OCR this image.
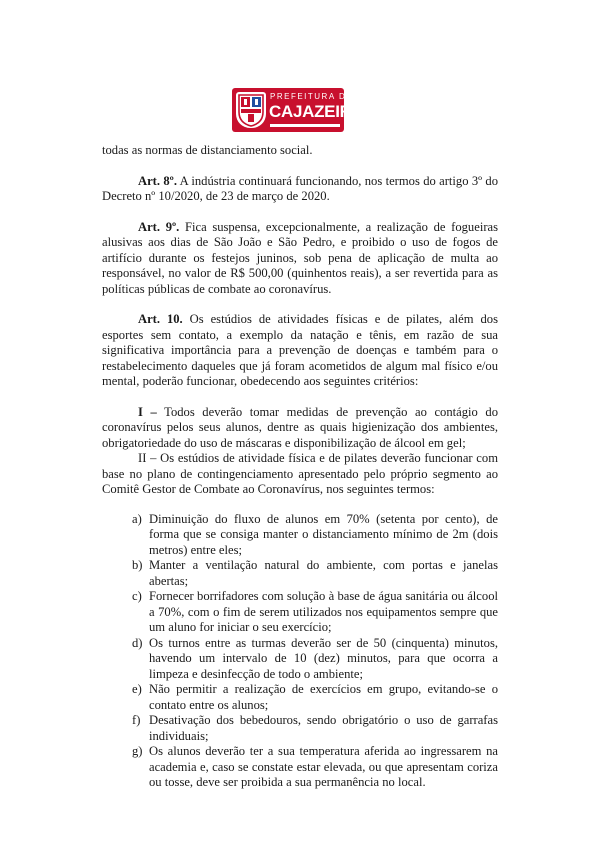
PREFEITURA DE
CAJAZEIRAS

todas as normas de distanciamento social.

Art. 8º. A indústria continuará funcionando, nos termos do artigo 3º do Decreto nº 10/2020, de 23 de março de 2020.

Art. 9º. Fica suspensa, excepcionalmente, a realização de fogueiras alusivas aos dias de São João e São Pedro, e proibido o uso de fogos de artifício durante os festejos juninos, sob pena de aplicação de multa ao responsável, no valor de R$ 500,00 (quinhentos reais), a ser revertida para as políticas públicas de combate ao coronavírus.

Art. 10. Os estúdios de atividades físicas e de pilates, além dos esportes sem contato, a exemplo da natação e tênis, em razão de sua significativa importância para a prevenção de doenças e também para o restabelecimento daqueles que já foram acometidos de algum mal físico e/ou mental, poderão funcionar, obedecendo aos seguintes critérios:

I – Todos deverão tomar medidas de prevenção ao contágio do coronavírus pelos seus alunos, dentre as quais higienização dos ambientes, obrigatoriedade do uso de máscaras e disponibilização de álcool em gel;

II – Os estúdios de atividade física e de pilates deverão funcionar com base no plano de contingenciamento apresentado pelo próprio segmento ao Comitê Gestor de Combate ao Coronavírus, nos seguintes termos:

a) Diminuição do fluxo de alunos em 70% (setenta por cento), de forma que se consiga manter o distanciamento mínimo de 2m (dois metros) entre eles;
b) Manter a ventilação natural do ambiente, com portas e janelas abertas;
c) Fornecer borrifadores com solução à base de água sanitária ou álcool a 70%, com o fim de serem utilizados nos equipamentos sempre que um aluno for iniciar o seu exercício;
d) Os turnos entre as turmas deverão ser de 50 (cinquenta) minutos, havendo um intervalo de 10 (dez) minutos, para que ocorra a limpeza e desinfecção de todo o ambiente;
e) Não permitir a realização de exercícios em grupo, evitando-se o contato entre os alunos;
f) Desativação dos bebedouros, sendo obrigatório o uso de garrafas individuais;
g) Os alunos deverão ter a sua temperatura aferida ao ingressarem na academia e, caso se constate estar elevada, ou que apresentam coriza ou tosse, deve ser proibida a sua permanência no local.
